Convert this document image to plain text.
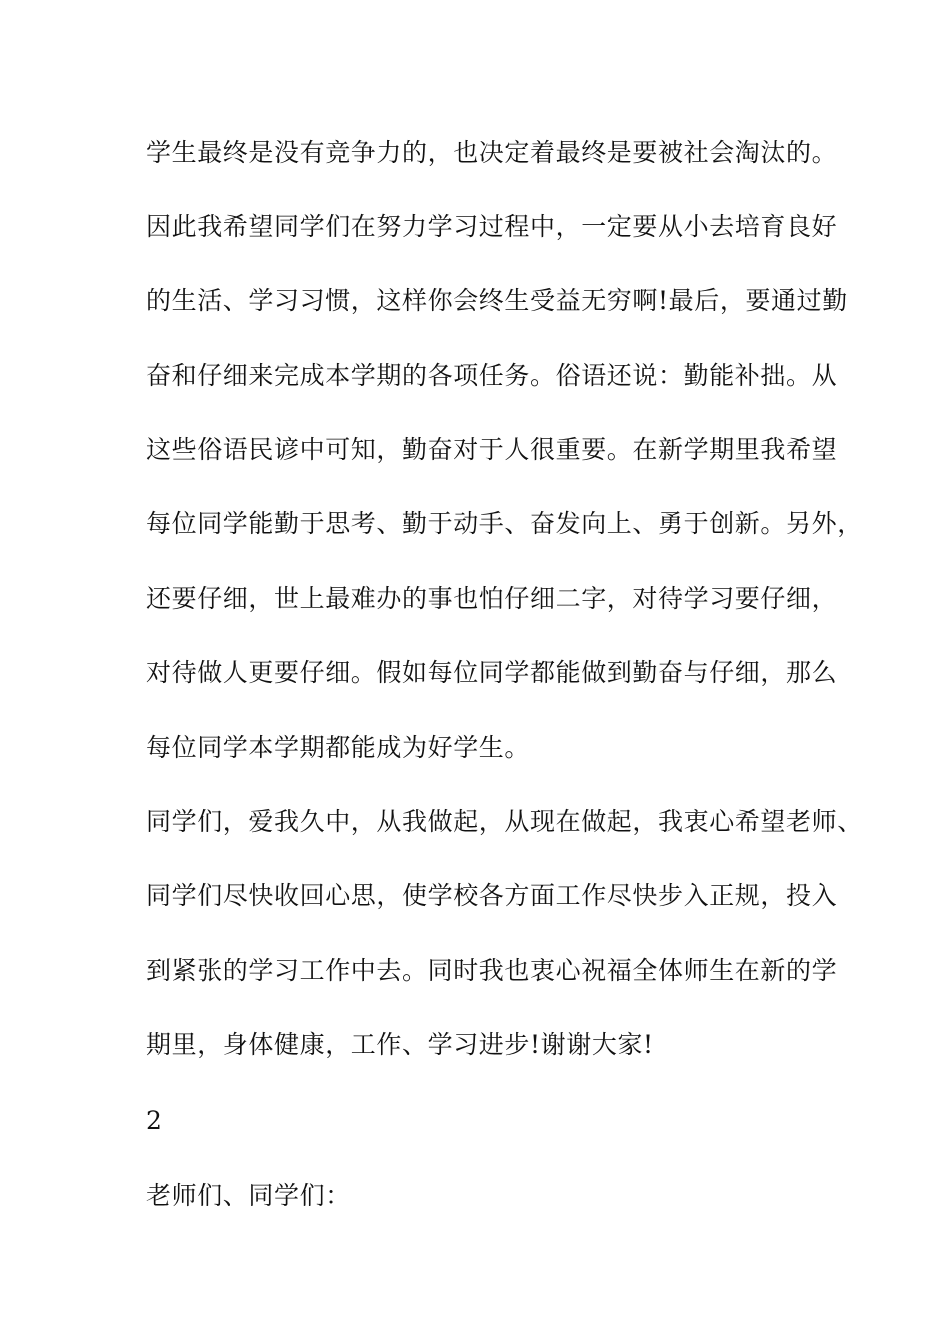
学生最终是没有竞争力的，也决定着最终是要被社会淘汰的。
因此我希望同学们在努力学习过程中，一定要从小去培育良好
的生活、学习习惯，这样你会终生受益无穷啊!最后，要通过勤
奋和仔细来完成本学期的各项任务。俗语还说：勤能补拙。从
这些俗语民谚中可知，勤奋对于人很重要。在新学期里我希望
每位同学能勤于思考、勤于动手、奋发向上、勇于创新。另外，
还要仔细，世上最难办的事也怕仔细二字，对待学习要仔细，
对待做人更要仔细。假如每位同学都能做到勤奋与仔细，那么
每位同学本学期都能成为好学生。
同学们，爱我久中，从我做起，从现在做起，我衷心希望老师、
同学们尽快收回心思，使学校各方面工作尽快步入正规，投入
到紧张的学习工作中去。同时我也衷心祝福全体师生在新的学
期里，身体健康，工作、学习进步!谢谢大家!
2
老师们、同学们：
